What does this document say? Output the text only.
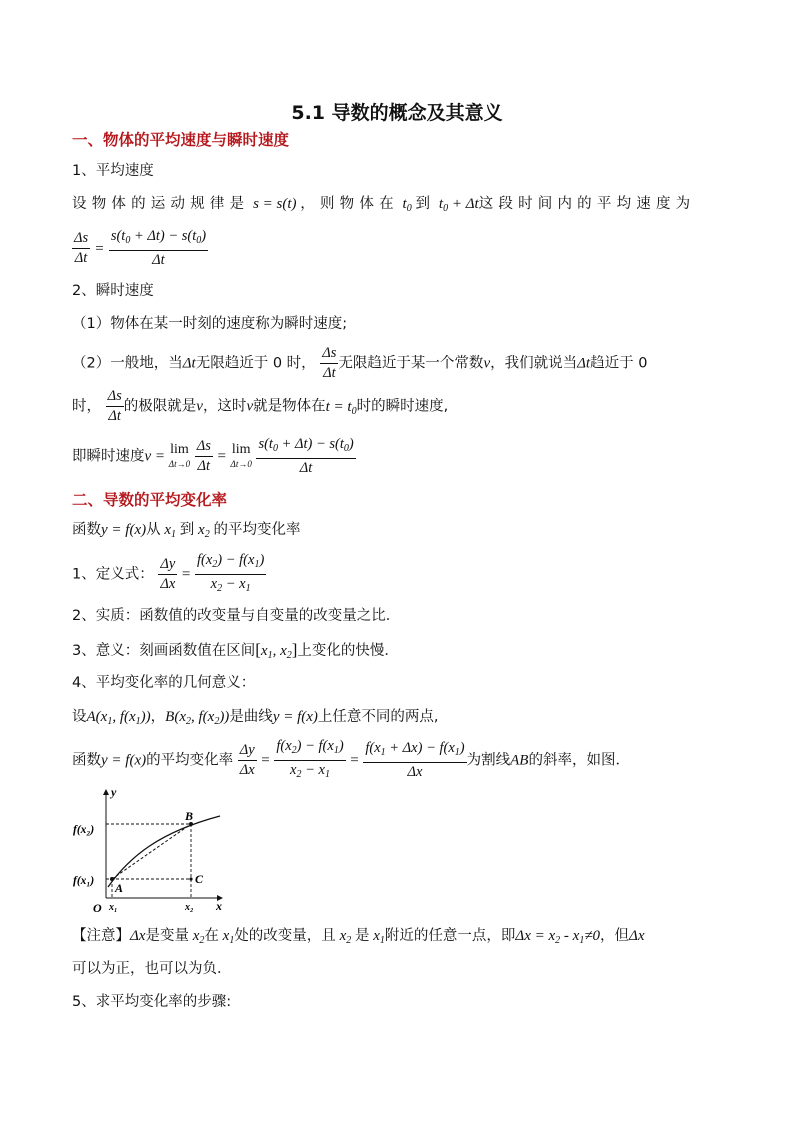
5.1 导数的概念及其意义
一、物体的平均速度与瞬时速度
1、平均速度
设物体的运动规律是 s = s(t) ，则物体在 $t_0$ 到 $t_0 + \Delta t$这段时间内的平均速度为
$\frac{\Delta s}{\Delta t} = \frac{s(t_0 + \Delta t) - s(t_0)}{\Delta t}$
2、瞬时速度
（1）物体在某一时刻的速度称为瞬时速度;
（2）一般地，当Δt无限趋近于 0 时， $\frac{\Delta s}{\Delta t}$ 无限趋近于某一个常数v，我们就说当Δt趋近于 0
时， $\frac{\Delta s}{\Delta t}$ 的极限就是v，这时v就是物体在$t = t_0$时的瞬时速度,
即瞬时速度v = lim
Δt→0
$\frac{\Delta s}{\Delta t} = \lim$
Δt→0
$\frac{s(t_0 + \Delta t) - s(t_0)}{\Delta t}$
二、导数的平均变化率
函数y = f(x)从 $x_1$ 到 $x_2$ 的平均变化率
1、定义式： $\frac{\Delta y}{\Delta x} = \frac{f(x_2) - f(x_1)}{x_2 - x_1}$
2、实质：函数值的改变量与自变量的改变量之比．
3、意义：刻画函数值在区间[$x_1$, $x_2$]上变化的快慢．
4、平均变化率的几何意义：
设$A(x_1$, $f(x_1)$)，$B(x_2$, $f(x_2)$)是曲线y = f(x)上任意不同的两点,
函数y = f(x)的平均变化率 $\frac{\Delta y}{\Delta x} = \frac{f(x_2) - f(x_1)}{x_2 - x_1} = \frac{f(x_1 + \Delta x) - f(x_1)}{\Delta x}$ 为割线AB的斜率，如图．
y
x
O
f(x₂)
f(x₁) A
B
C
x₁	x₂
【注意】Δx是变量 $x_2$在 $x_1$处的改变量，且 $x_2$ 是 $x_1$附近的任意一点，即$\Delta x = x_2 - x_1\ne 0$，但Δx
可以为正，也可以为负．
5、求平均变化率的步骤:
